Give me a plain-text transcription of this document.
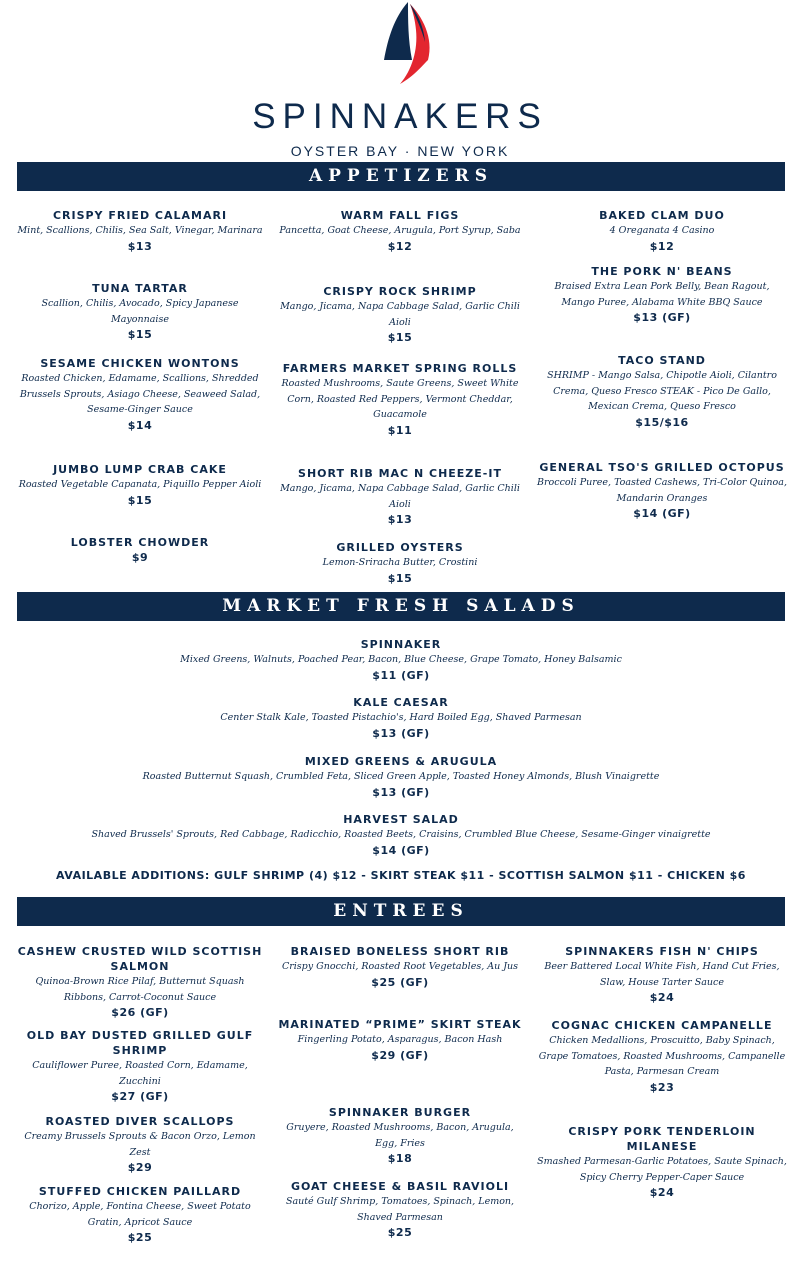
SPINNAKERS
OYSTER BAY · NEW YORK
APPETIZERS
CRISPY FRIED CALAMARI
Mint, Scallions, Chilis, Sea Salt, Vinegar, Marinara
$13
TUNA TARTAR
Scallion, Chilis, Avocado, Spicy Japanese Mayonnaise
$15
SESAME CHICKEN WONTONS
Roasted Chicken, Edamame, Scallions, Shredded Brussels Sprouts, Asiago Cheese, Seaweed Salad, Sesame-Ginger Sauce
$14
JUMBO LUMP CRAB CAKE
Roasted Vegetable Capanata, Piquillo Pepper Aioli
$15
LOBSTER CHOWDER
$9
WARM FALL FIGS
Pancetta, Goat Cheese, Arugula, Port Syrup, Saba
$12
CRISPY ROCK SHRIMP
Mango, Jicama, Napa Cabbage Salad, Garlic Chili Aioli
$15
FARMERS MARKET SPRING ROLLS
Roasted Mushrooms, Saute Greens, Sweet White Corn, Roasted Red Peppers, Vermont Cheddar, Guacamole
$11
SHORT RIB MAC N CHEEZE-IT
Mango, Jicama, Napa Cabbage Salad, Garlic Chili Aioli
$13
GRILLED OYSTERS
Lemon-Sriracha Butter, Crostini
$15
BAKED CLAM DUO
4 Oreganata 4 Casino
$12
THE PORK N' BEANS
Braised Extra Lean Pork Belly, Bean Ragout, Mango Puree, Alabama White BBQ Sauce
$13 (GF)
TACO STAND
SHRIMP - Mango Salsa, Chipotle Aioli, Cilantro Crema, Queso Fresco STEAK - Pico De Gallo, Mexican Crema, Queso Fresco
$15/$16
GENERAL TSO'S GRILLED OCTOPUS
Broccoli Puree, Toasted Cashews, Tri-Color Quinoa, Mandarin Oranges
$14 (GF)
MARKET FRESH SALADS
SPINNAKER
Mixed Greens, Walnuts, Poached Pear, Bacon, Blue Cheese, Grape Tomato, Honey Balsamic
$11 (GF)
KALE CAESAR
Center Stalk Kale, Toasted Pistachio's, Hard Boiled Egg, Shaved Parmesan
$13 (GF)
MIXED GREENS & ARUGULA
Roasted Butternut Squash, Crumbled Feta, Sliced Green Apple, Toasted Honey Almonds, Blush Vinaigrette
$13 (GF)
HARVEST SALAD
Shaved Brussels' Sprouts, Red Cabbage, Radicchio, Roasted Beets, Craisins, Crumbled Blue Cheese, Sesame-Ginger vinaigrette
$14 (GF)
AVAILABLE ADDITIONS: GULF SHRIMP (4) $12 - SKIRT STEAK $11 - SCOTTISH SALMON $11 - CHICKEN $6
ENTREES
CASHEW CRUSTED WILD SCOTTISH SALMON
Quinoa-Brown Rice Pilaf, Butternut Squash Ribbons, Carrot-Coconut Sauce
$26 (GF)
OLD BAY DUSTED GRILLED GULF SHRIMP
Cauliflower Puree, Roasted Corn, Edamame, Zucchini
$27 (GF)
ROASTED DIVER SCALLOPS
Creamy Brussels Sprouts & Bacon Orzo, Lemon Zest
$29
STUFFED CHICKEN PAILLARD
Chorizo, Apple, Fontina Cheese, Sweet Potato Gratin, Apricot Sauce
$25
BRAISED BONELESS SHORT RIB
Crispy Gnocchi, Roasted Root Vegetables, Au Jus
$25 (GF)
MARINATED “PRIME” SKIRT STEAK
Fingerling Potato, Asparagus, Bacon Hash
$29 (GF)
SPINNAKER BURGER
Gruyere, Roasted Mushrooms, Bacon, Arugula, Egg, Fries
$18
GOAT CHEESE & BASIL RAVIOLI
Sauté Gulf Shrimp, Tomatoes, Spinach, Lemon, Shaved Parmesan
$25
SPINNAKERS FISH N' CHIPS
Beer Battered Local White Fish, Hand Cut Fries, Slaw, House Tarter Sauce
$24
COGNAC CHICKEN CAMPANELLE
Chicken Medallions, Proscuitto, Baby Spinach, Grape Tomatoes, Roasted Mushrooms, Campanelle Pasta, Parmesan Cream
$23
CRISPY PORK TENDERLOIN MILANESE
Smashed Parmesan-Garlic Potatoes, Saute Spinach, Spicy Cherry Pepper-Caper Sauce
$24
